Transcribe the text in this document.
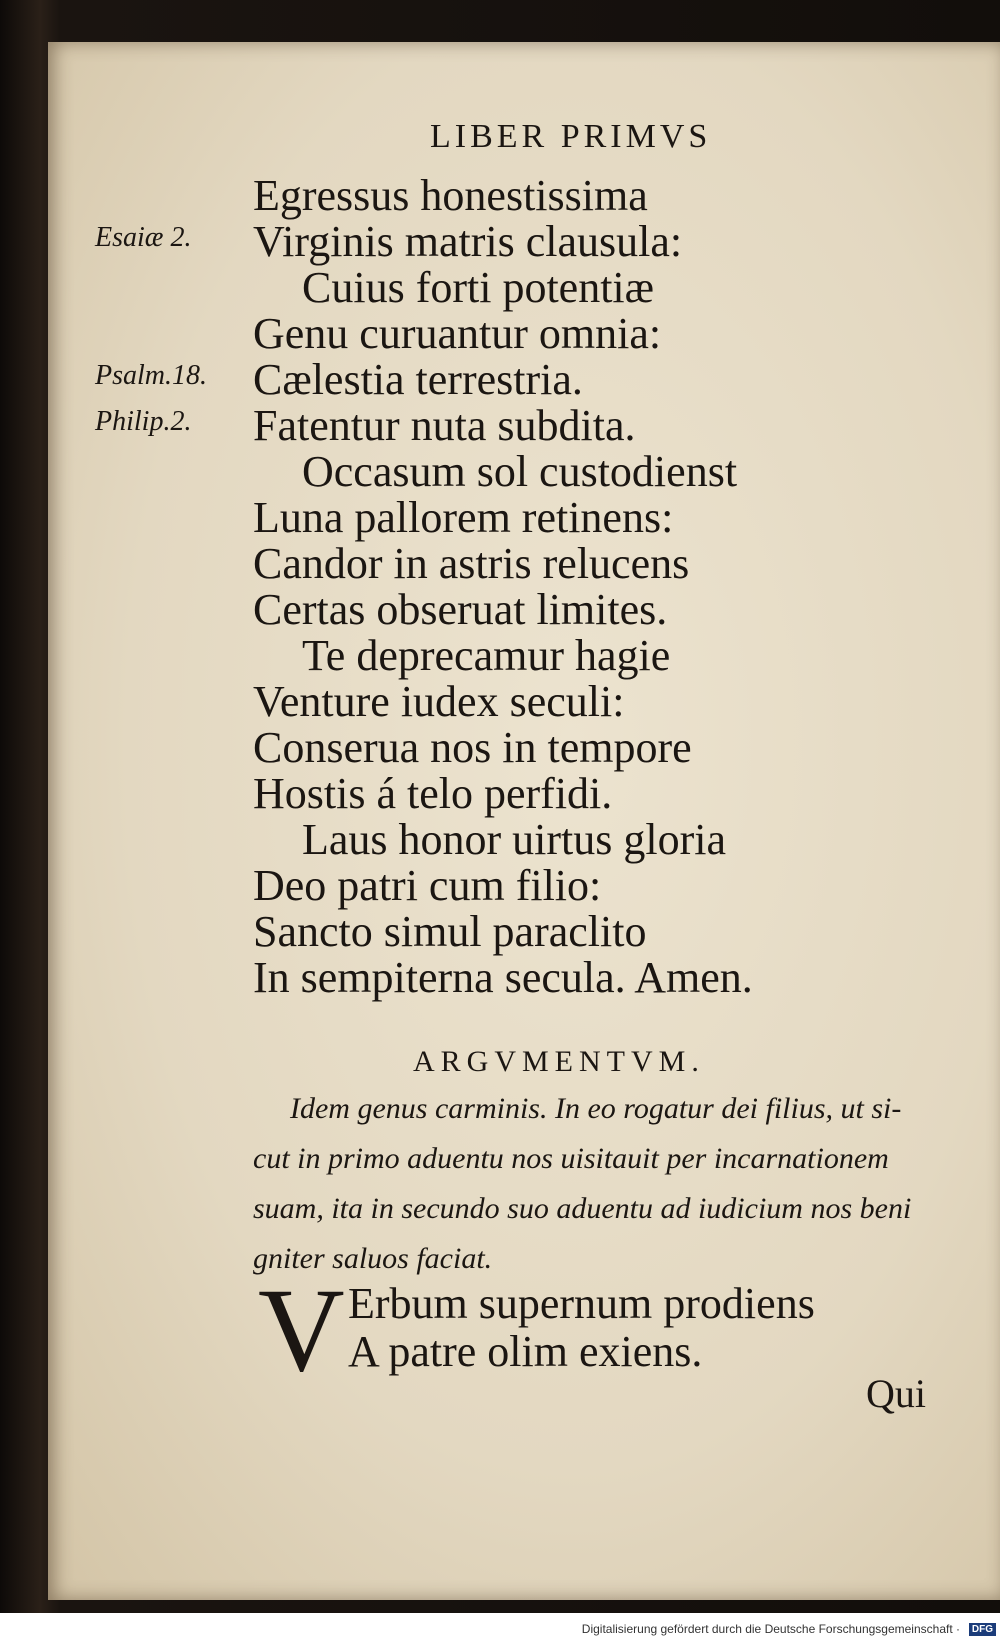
LIBER PRIMVS
Esaiæ 2.
Psalm.18.
Philip.2.
Egressus honestissima
Virginis matris clausula:
Cuius forti potentiæ
Genu curuantur omnia:
Cælestia terrestria.
Fatentur nuta subdita.
Occasum sol custodienst
Luna pallorem retinens:
Candor in astris relucens
Certas obseruat limites.
Te deprecamur hagie
Venture iudex seculi:
Conserua nos in tempore
Hostis á telo perfidi.
Laus honor uirtus gloria
Deo patri cum filio:
Sancto simul paraclito
In sempiterna secula. Amen.
ARGVMENTVM.
Idem genus carminis. In eo rogatur dei filius, ut si-
cut in primo aduentu nos uisitauit per incarnationem
suam, ita in secundo suo aduentu ad iudicium nos beni
gniter saluos faciat.
V Erbum supernum prodiens
A patre olim exiens.
Qui
Digitalisierung gefördert durch die Deutsche Forschungsgemeinschaft ·	DFG
